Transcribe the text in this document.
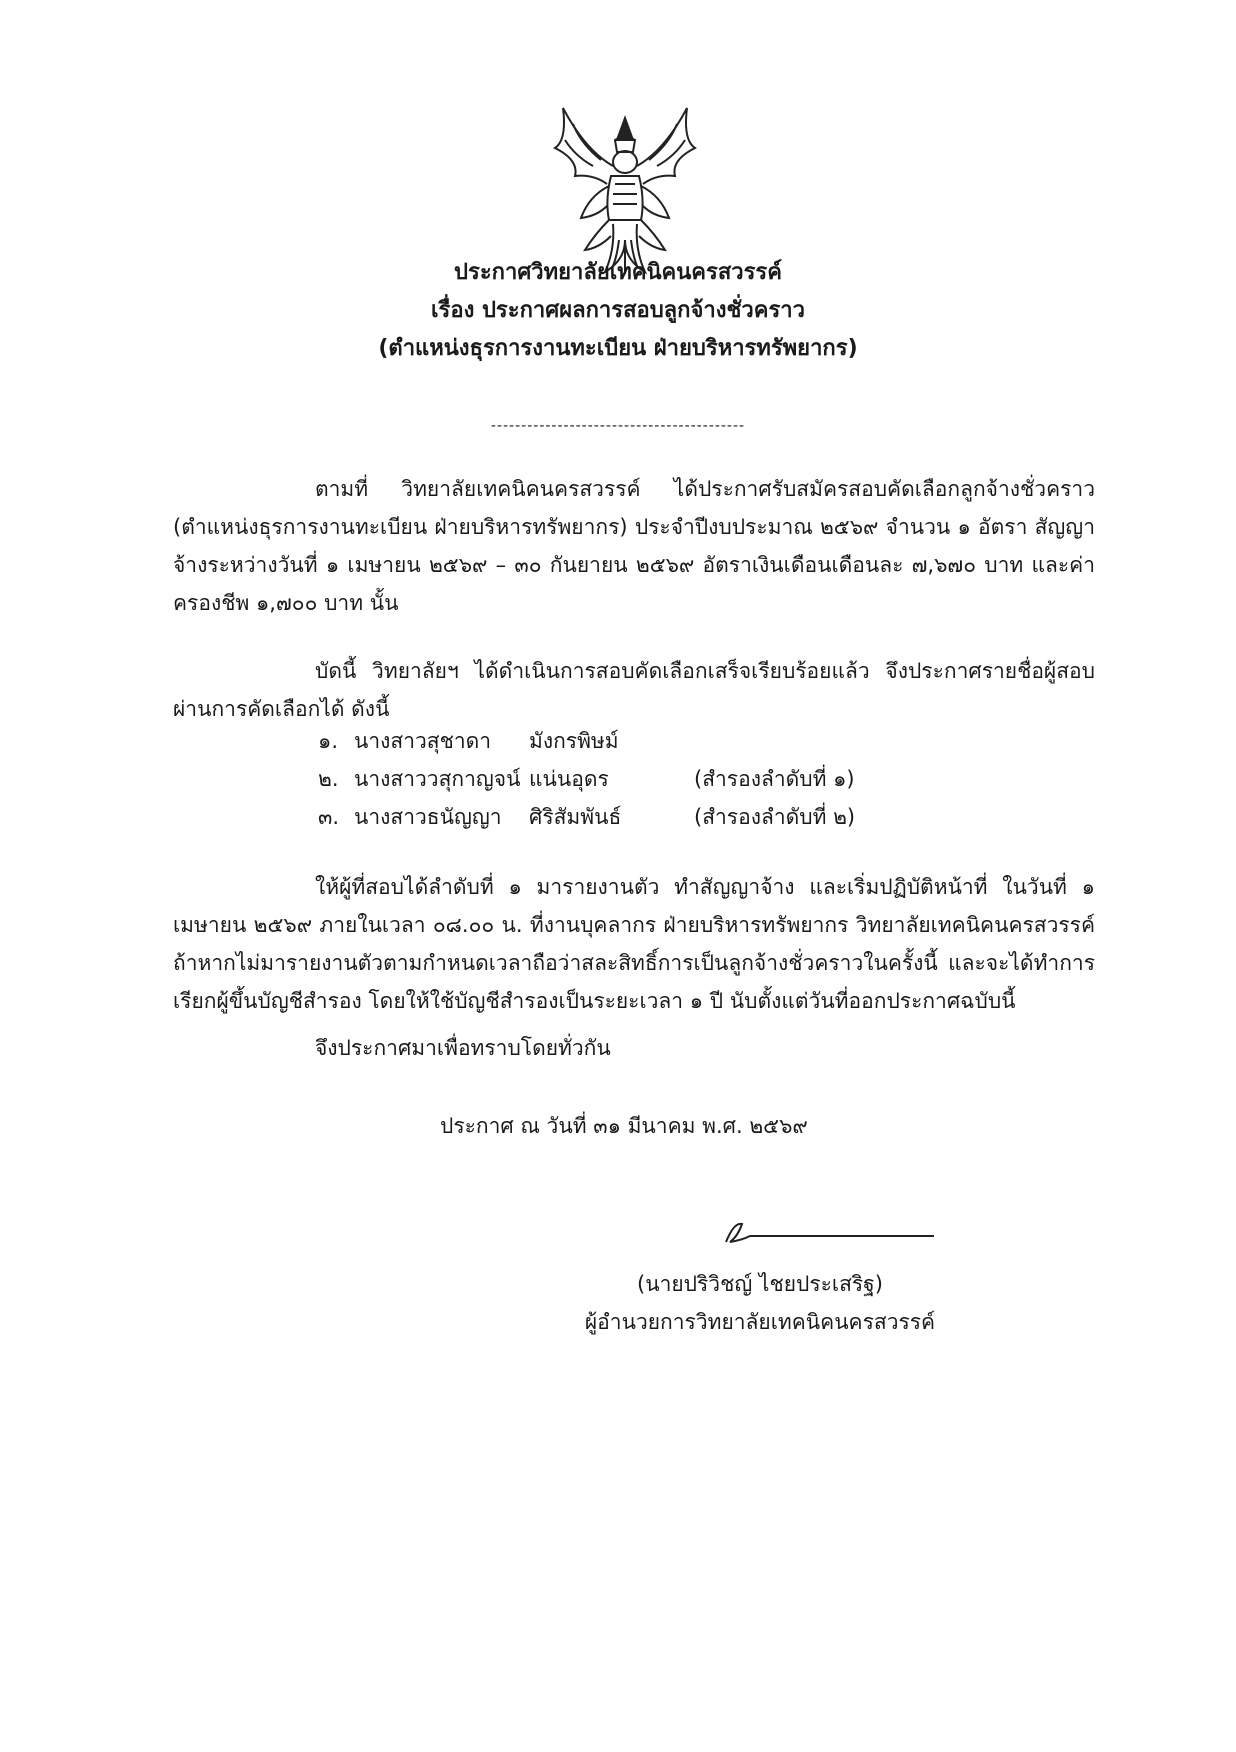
ประกาศวิทยาลัยเทคนิคนครสวรรค์
เรื่อง ประกาศผลการสอบลูกจ้างชั่วคราว
(ตำแหน่งธุรการงานทะเบียน ฝ่ายบริหารทรัพยากร)
------------------------------------------
ตามที่ วิทยาลัยเทคนิคนครสวรรค์ ได้ประกาศรับสมัครสอบคัดเลือกลูกจ้างชั่วคราว (ตำแหน่งธุรการงานทะเบียน ฝ่ายบริหารทรัพยากร) ประจำปีงบประมาณ ๒๕๖๙ จำนวน ๑ อัตรา สัญญาจ้างระหว่างวันที่ ๑ เมษายน ๒๕๖๙ – ๓๐ กันยายน ๒๕๖๙ อัตราเงินเดือนเดือนละ ๗,๖๗๐ บาท และค่าครองชีพ ๑,๗๐๐ บาท นั้น
บัดนี้ วิทยาลัยฯ ได้ดำเนินการสอบคัดเลือกเสร็จเรียบร้อยแล้ว จึงประกาศรายชื่อผู้สอบผ่านการคัดเลือกได้ ดังนี้
๑. นางสาวสุชาดา มังกรพิษม์
๒. นางสาววสุกาญจน์ แน่นอุดร	(สำรองลำดับที่ ๑)
๓. นางสาวธนัญญา ศิริสัมพันธ์	(สำรองลำดับที่ ๒)
ให้ผู้ที่สอบได้ลำดับที่ ๑ มารายงานตัว ทำสัญญาจ้าง และเริ่มปฏิบัติหน้าที่ ในวันที่ ๑ เมษายน ๒๕๖๙ ภายในเวลา ๐๘.๐๐ น. ที่งานบุคลากร ฝ่ายบริหารทรัพยากร วิทยาลัยเทคนิคนครสวรรค์ ถ้าหากไม่มารายงานตัวตามกำหนดเวลาถือว่าสละสิทธิ์การเป็นลูกจ้างชั่วคราวในครั้งนี้ และจะได้ทำการเรียกผู้ขึ้นบัญชีสำรอง โดยให้ใช้บัญชีสำรองเป็นระยะเวลา ๑ ปี นับตั้งแต่วันที่ออกประกาศฉบับนี้
จึงประกาศมาเพื่อทราบโดยทั่วกัน
ประกาศ ณ วันที่ ๓๑ มีนาคม พ.ศ. ๒๕๖๙
(นายปริวิชญ์ ไชยประเสริฐ)
ผู้อำนวยการวิทยาลัยเทคนิคนครสวรรค์
